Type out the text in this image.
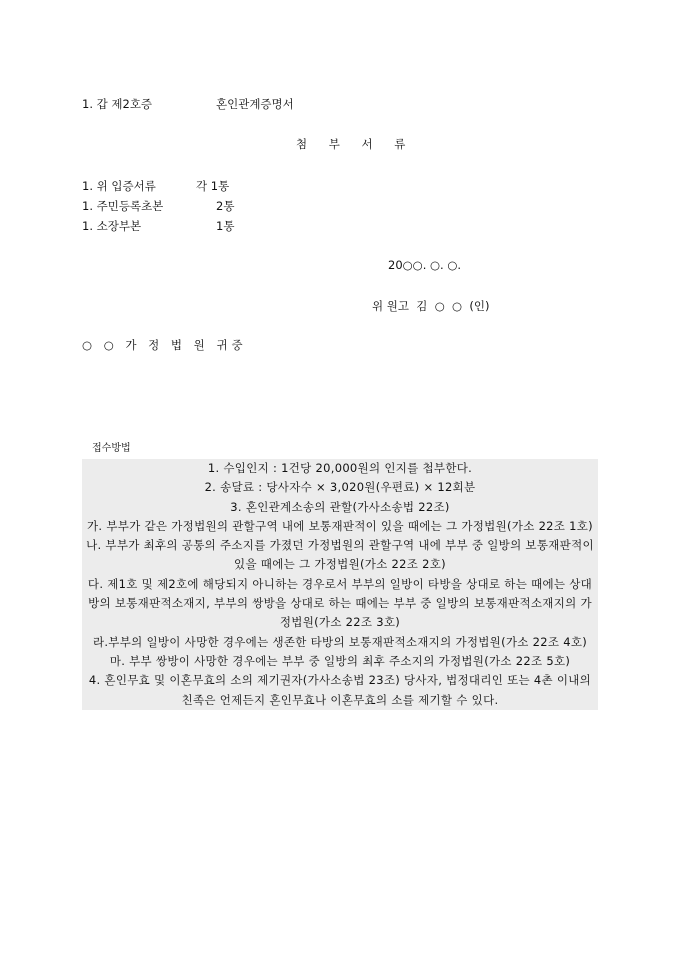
1. 갑 제2호증	혼인관계증명서
첨 부 서 류
1. 위 입증서류	각 1통
1. 주민등록초본	2통
1. 소장부본	1통
20○○. ○. ○.
위 원고  김  ○  ○  (인)
○ ○ 가 정 법 원 귀중
접수방법

1. 수입인지 : 1건당 20,000원의 인지를 첩부한다.

2. 송달료 : 당사자수 × 3,020원(우편료) × 12회분

3. 혼인관계소송의 관할(가사소송법 22조)

가. 부부가 같은 가정법원의 관할구역 내에 보통재판적이 있을 때에는 그 가정법원(가소 22조 1호)

나. 부부가 최후의 공통의 주소지를 가졌던 가정법원의 관할구역 내에 부부 중 일방의 보통재판적이 있을 때에는 그 가정법원(가소 22조 2호)

다. 제1호 및 제2호에 해당되지 아니하는 경우로서 부부의 일방이 타방을 상대로 하는 때에는 상대방의 보통재판적소재지, 부부의 쌍방을 상대로 하는 때에는 부부 중 일방의 보통재판적소재지의 가정법원(가소 22조 3호)

라.부부의 일방이 사망한 경우에는 생존한 타방의 보통재판적소재지의 가정법원(가소 22조 4호)

마. 부부 쌍방이 사망한 경우에는 부부 중 일방의 최후 주소지의 가정법원(가소 22조 5호)

4. 혼인무효 및 이혼무효의 소의 제기권자(가사소송법 23조) 당사자, 법정대리인 또는 4촌 이내의 친족은 언제든지 혼인무효나 이혼무효의 소를 제기할 수 있다.
